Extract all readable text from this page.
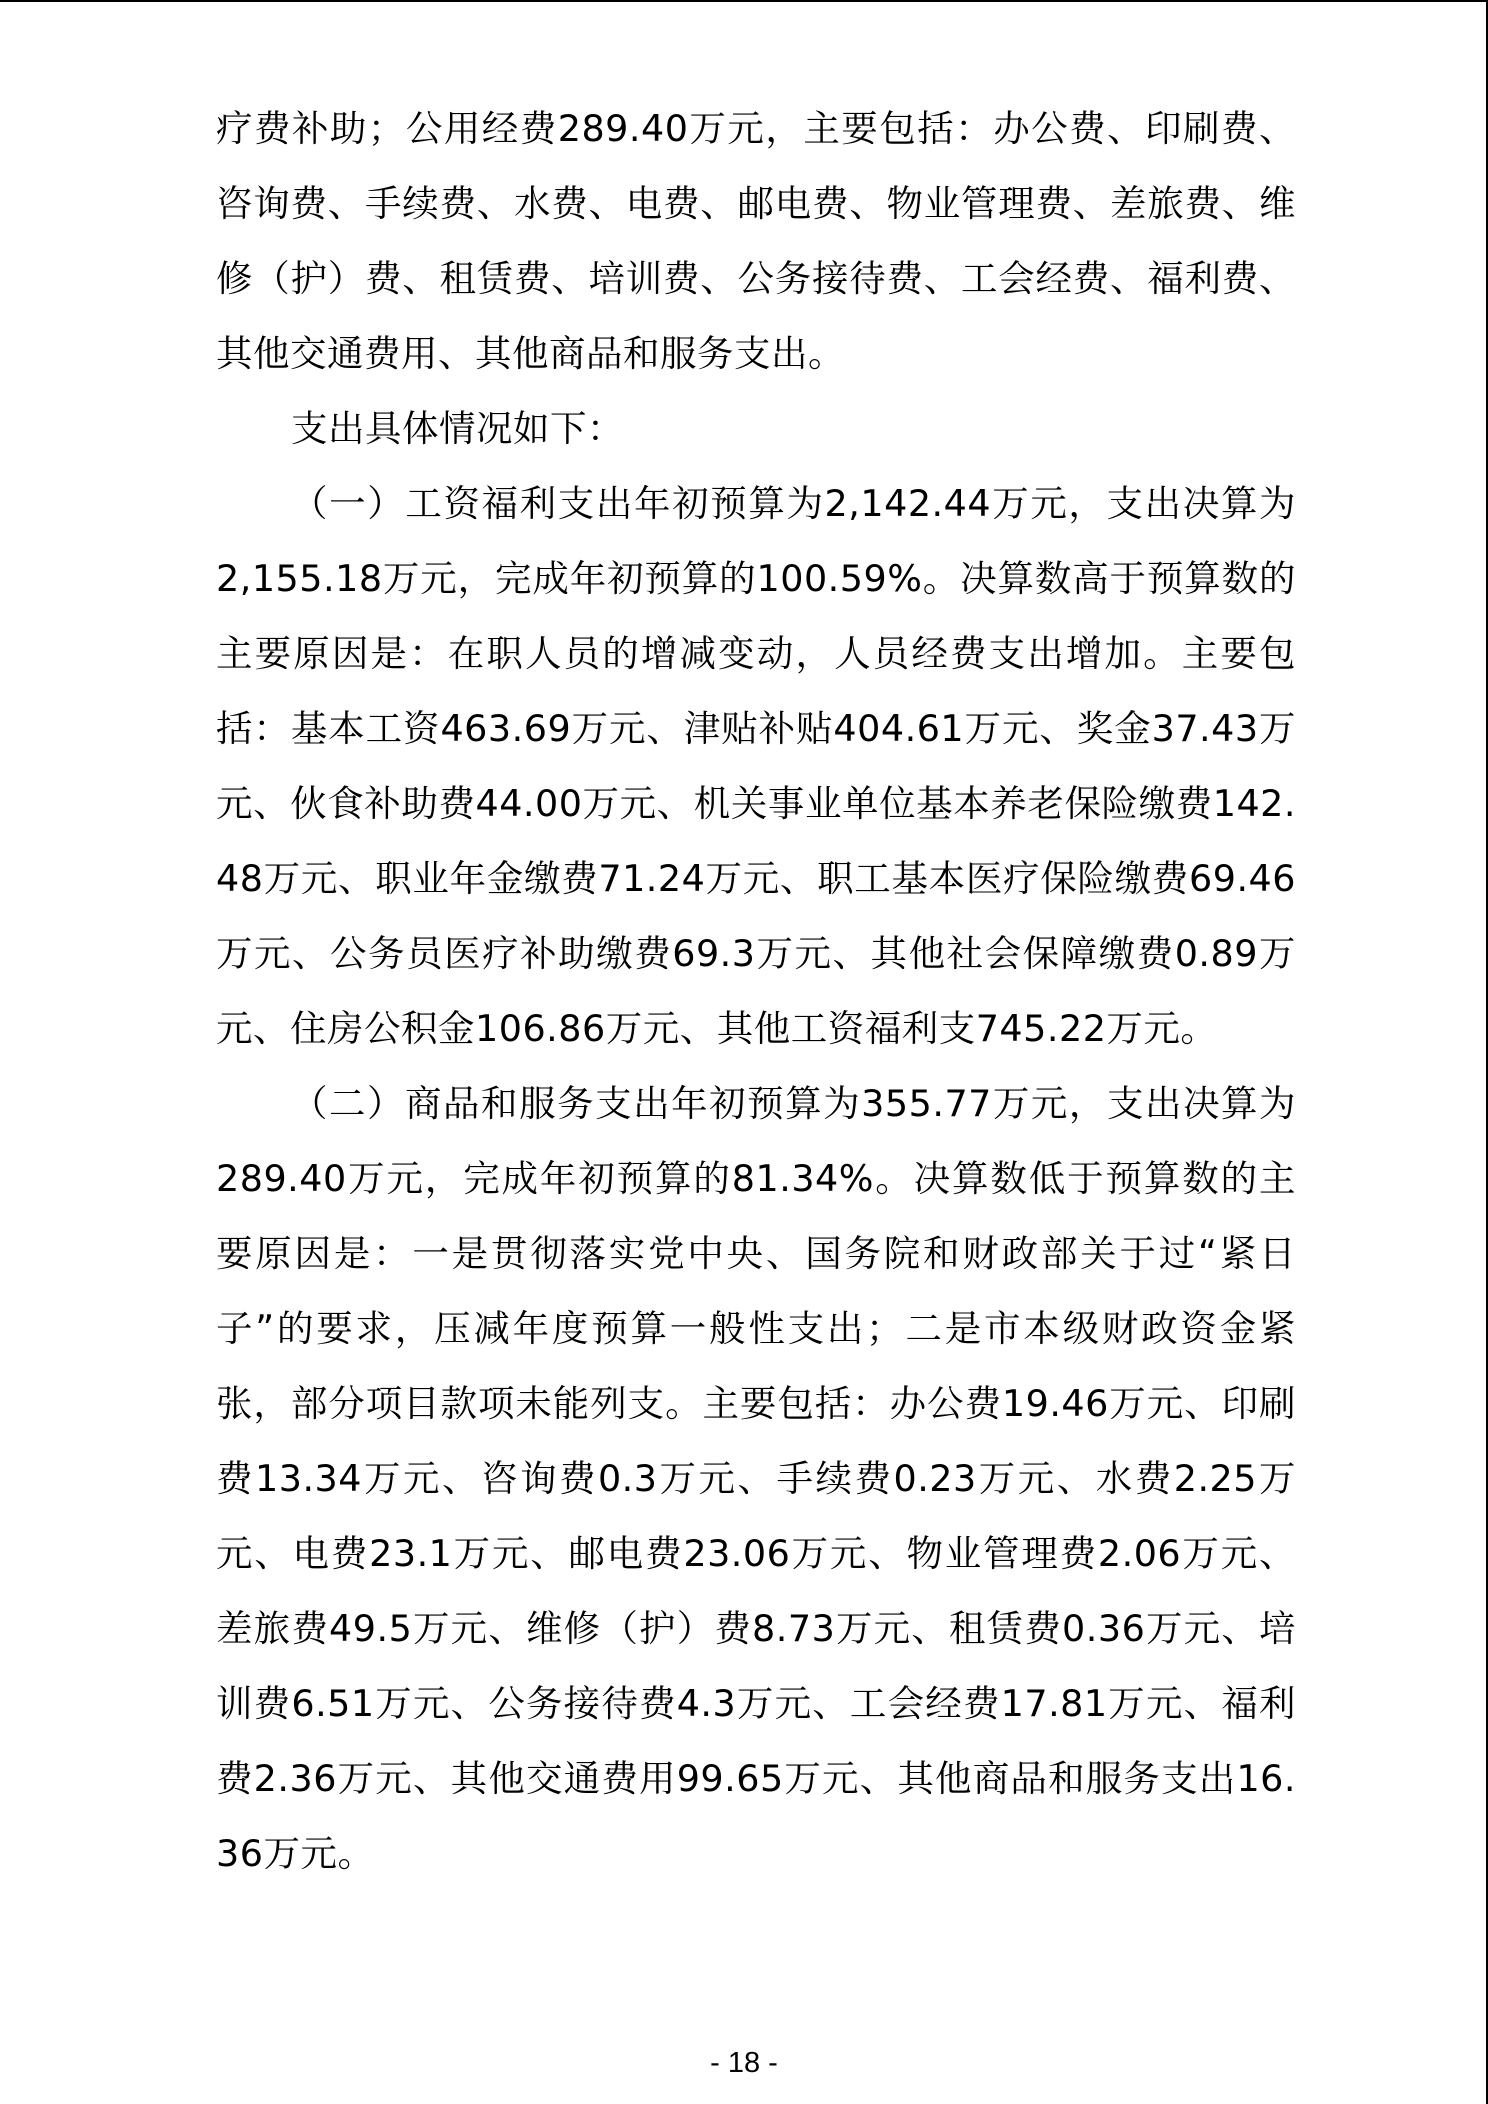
疗费补助；公用经费289.40万元，主要包括：办公费、印刷费、咨询费、手续费、水费、电费、邮电费、物业管理费、差旅费、维修（护）费、租赁费、培训费、公务接待费、工会经费、福利费、其他交通费用、其他商品和服务支出。

支出具体情况如下：

（一）工资福利支出年初预算为2,142.44万元，支出决算为2,155.18万元，完成年初预算的100.59%。决算数高于预算数的主要原因是：在职人员的增减变动，人员经费支出增加。主要包括：基本工资463.69万元、津贴补贴404.61万元、奖金37.43万元、伙食补助费44.00万元、机关事业单位基本养老保险缴费142.48万元、职业年金缴费71.24万元、职工基本医疗保险缴费69.46万元、公务员医疗补助缴费69.3万元、其他社会保障缴费0.89万元、住房公积金106.86万元、其他工资福利支745.22万元。

（二）商品和服务支出年初预算为355.77万元，支出决算为289.40万元，完成年初预算的81.34%。决算数低于预算数的主要原因是：一是贯彻落实党中央、国务院和财政部关于过“紧日子”的要求，压减年度预算一般性支出；二是市本级财政资金紧张，部分项目款项未能列支。主要包括：办公费19.46万元、印刷费13.34万元、咨询费0.3万元、手续费0.23万元、水费2.25万元、电费23.1万元、邮电费23.06万元、物业管理费2.06万元、差旅费49.5万元、维修（护）费8.73万元、租赁费0.36万元、培训费6.51万元、公务接待费4.3万元、工会经费17.81万元、福利费2.36万元、其他交通费用99.65万元、其他商品和服务支出16.36万元。

- 18 -
